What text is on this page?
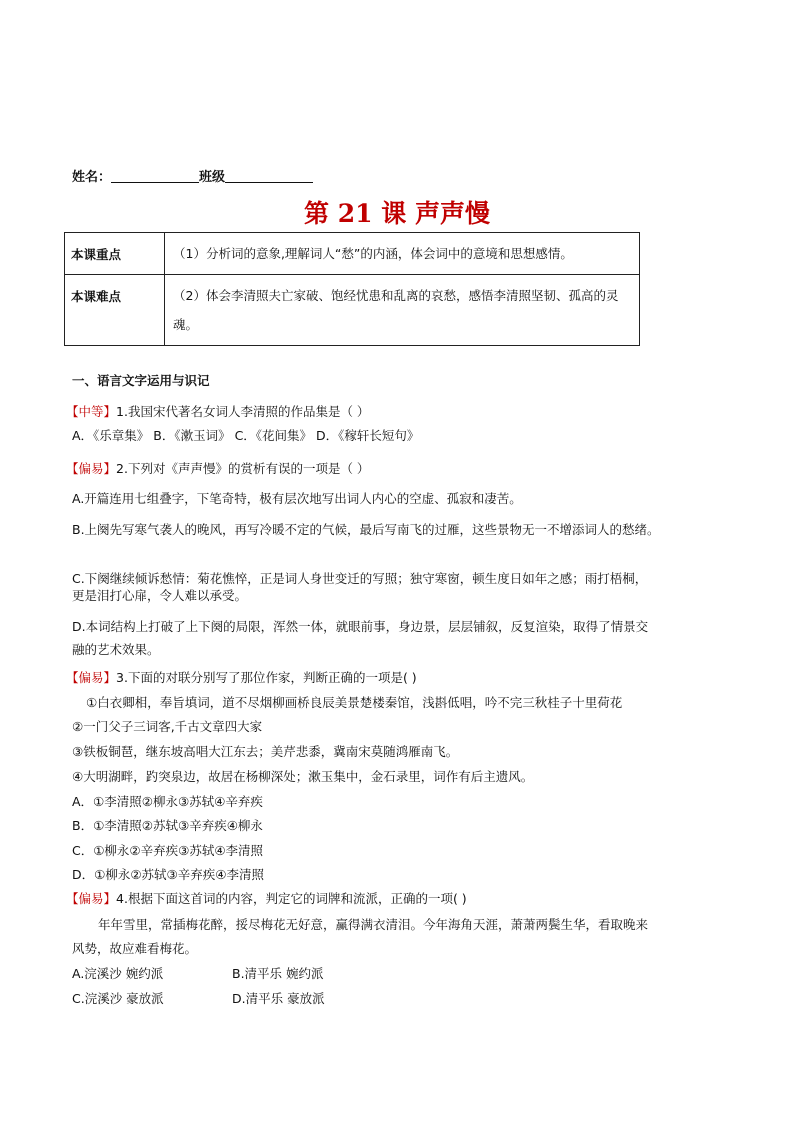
姓名：	班级
第 21 课 声声慢
本课重点	（1）分析词的意象,理解词人“愁”的内涵，体会词中的意境和思想感情。
本课难点	（2）体会李清照夫亡家破、饱经忧患和乱离的哀愁，感悟李清照坚韧、孤高的灵魂。
一、语言文字运用与识记
【中等】1.我国宋代著名女词人李清照的作品集是（ ）
A．《乐章集》 B．《漱玉词》 C．《花间集》 D．《稼轩长短句》
【偏易】2.下列对《声声慢》的赏析有误的一项是（ ）
A.开篇连用七组叠字，下笔奇特，极有层次地写出词人内心的空虚、孤寂和凄苦。
B.上阕先写寒气袭人的晚风，再写冷暖不定的气候，最后写南飞的过雁，这些景物无一不增添词人的愁绪。
C.下阕继续倾诉愁情：菊花憔悴，正是词人身世变迁的写照；独守寒窗，顿生度日如年之感；雨打梧桐，
更是泪打心扉，令人难以承受。
D.本词结构上打破了上下阕的局限，浑然一体，就眼前事，身边景，层层铺叙，反复渲染，取得了情景交
融的艺术效果。
【偏易】3.下面的对联分别写了那位作家，判断正确的一项是( )
①白衣卿相，奉旨填词，道不尽烟柳画桥良辰美景楚楼秦馆，浅斟低唱，吟不完三秋桂子十里荷花
②一门父子三词客,千古文章四大家
③铁板铜琶，继东坡高唱大江东去；美芹悲黍，冀南宋莫随鸿雁南飞。
④大明湖畔，趵突泉边，故居在杨柳深处；漱玉集中，金石录里，词作有后主遗风。
A．①李清照②柳永③苏轼④辛弃疾
B．①李清照②苏轼③辛弃疾④柳永
C．①柳永②辛弃疾③苏轼④李清照
D．①柳永②苏轼③辛弃疾④李清照
【偏易】4.根据下面这首词的内容，判定它的词牌和流派，正确的一项( )
年年雪里，常插梅花醉，挼尽梅花无好意，赢得满衣清泪。今年海角天涯，萧萧两鬓生华，看取晚来
风势，故应难看梅花。
A.浣溪沙 婉约派	B.清平乐 婉约派
C.浣溪沙 豪放派	D.清平乐 豪放派
